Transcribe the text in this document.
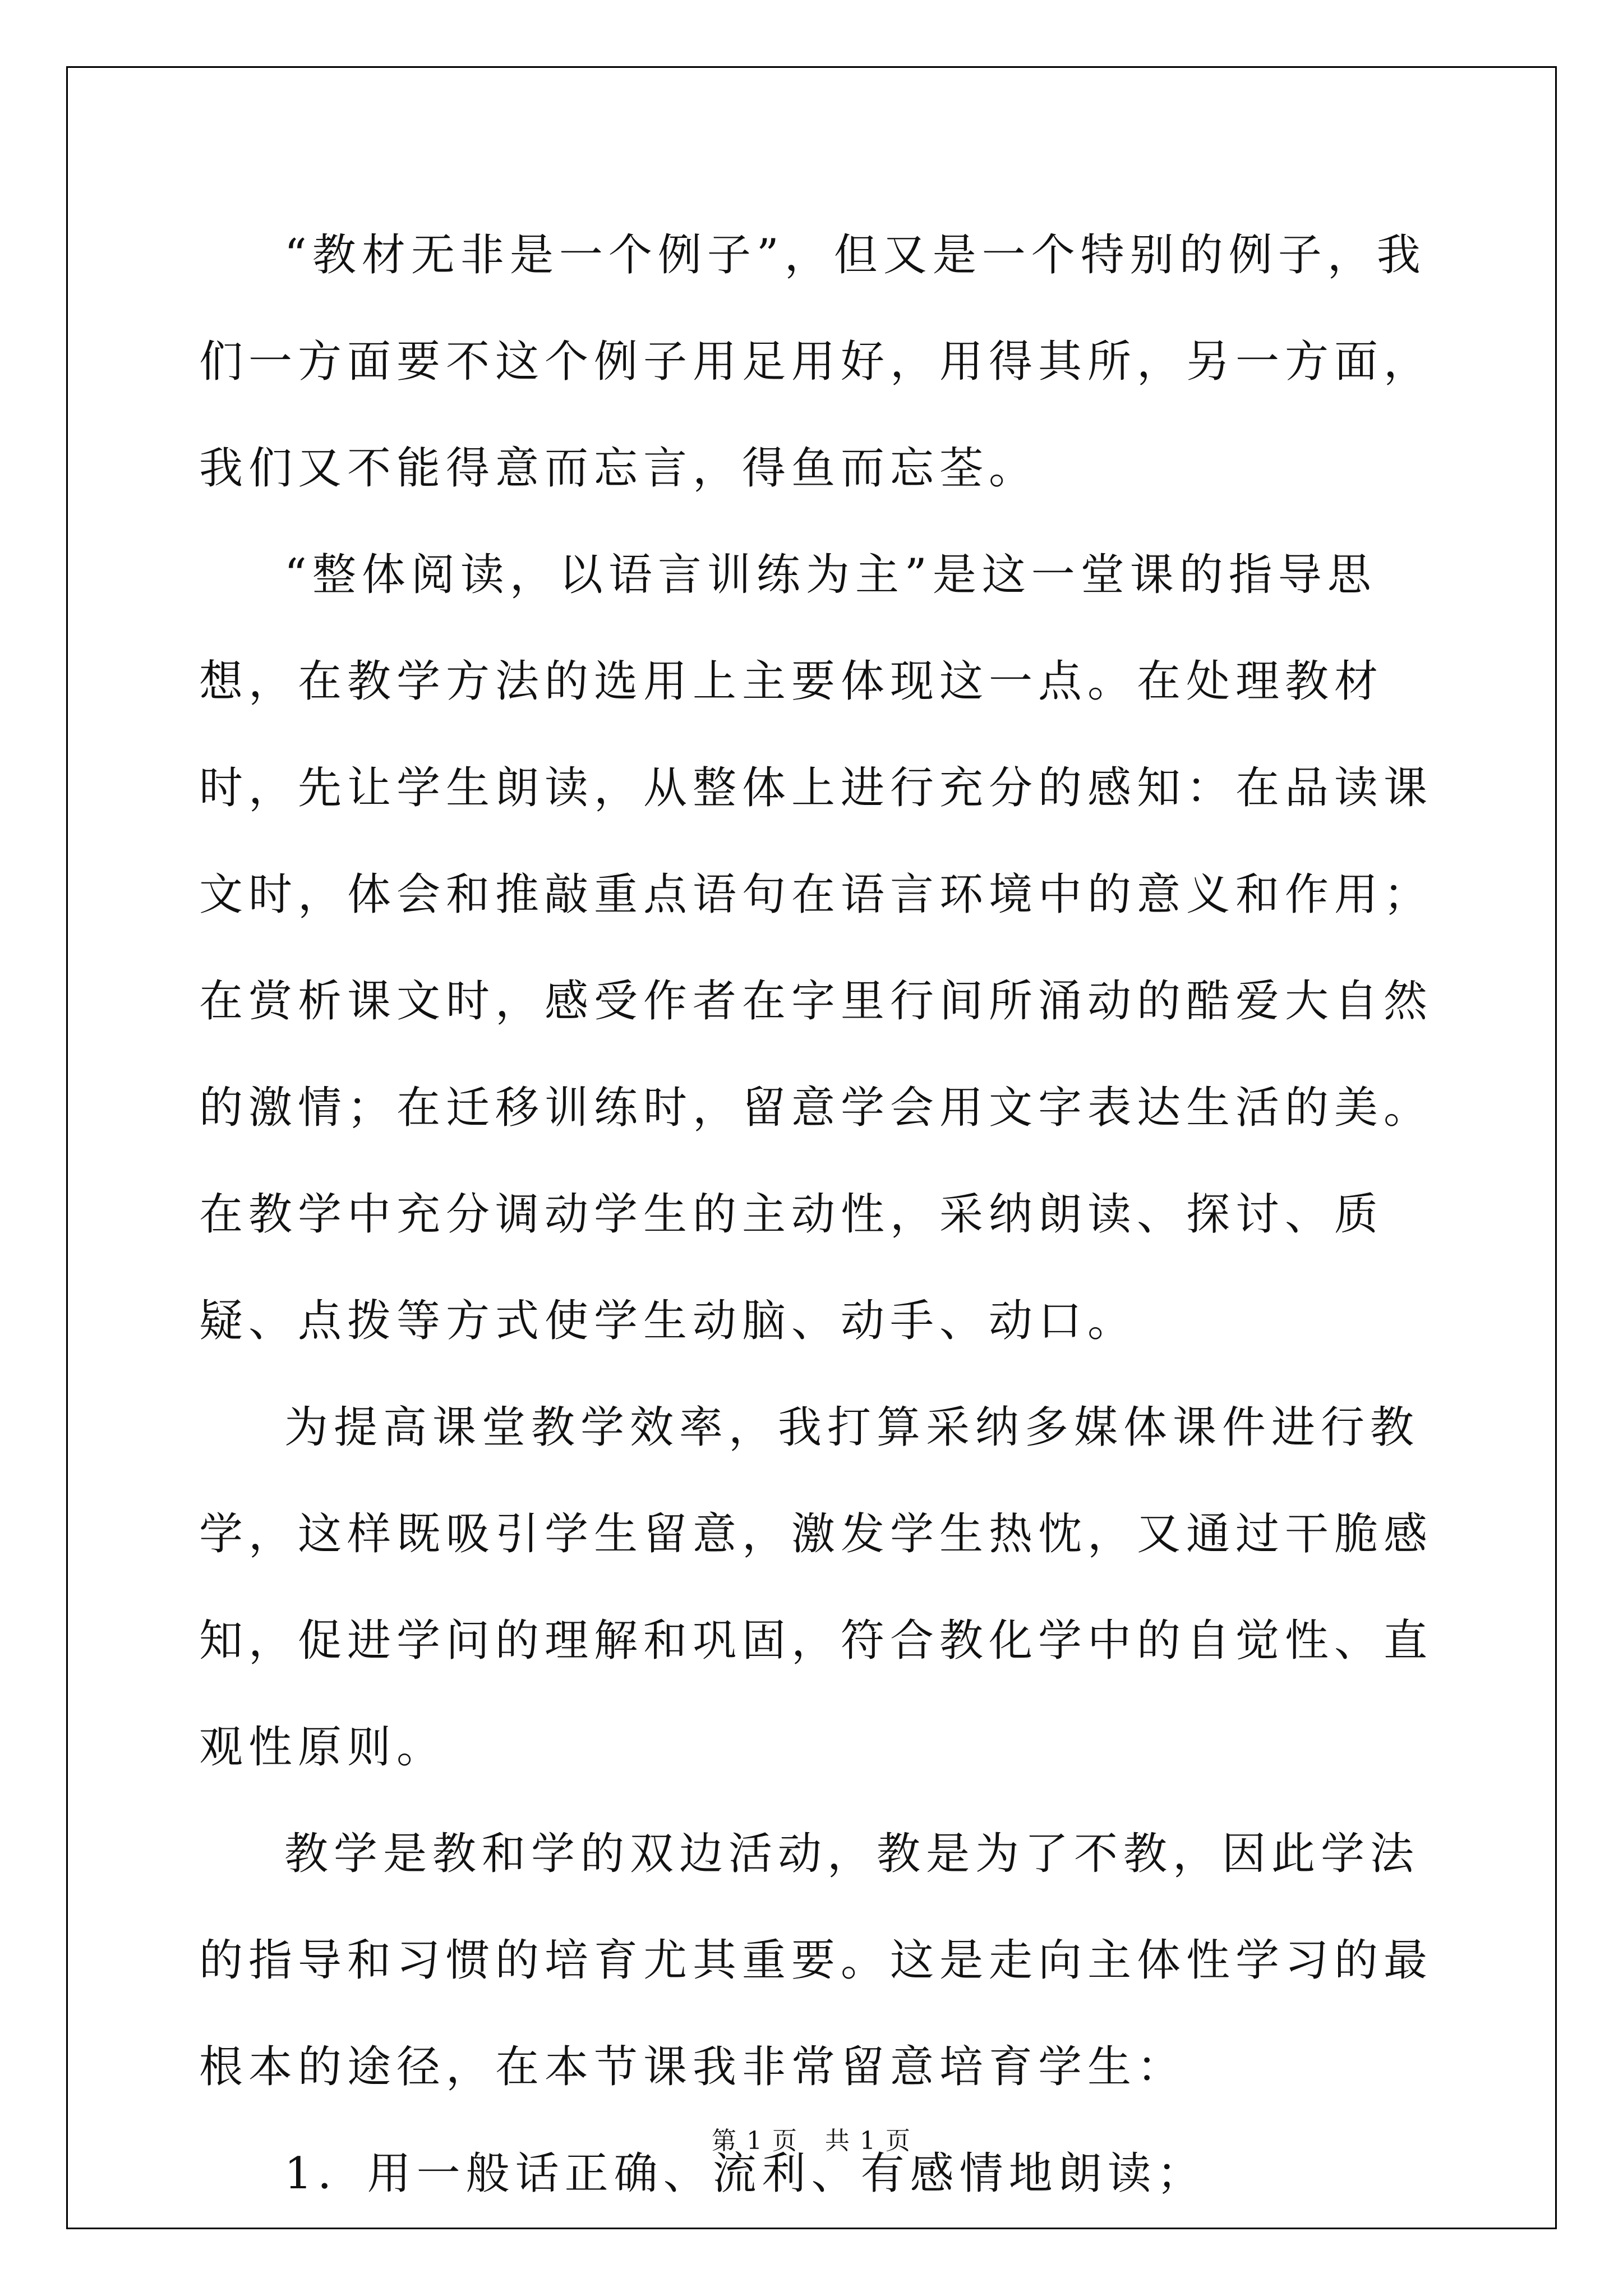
“教材无非是一个例子”，但又是一个特别的例子，我们一方面要不这个例子用足用好，用得其所，另一方面，我们又不能得意而忘言，得鱼而忘荃。

“整体阅读，以语言训练为主”是这一堂课的指导思想，在教学方法的选用上主要体现这一点。在处理教材时，先让学生朗读，从整体上进行充分的感知：在品读课文时，体会和推敲重点语句在语言环境中的意义和作用；在赏析课文时，感受作者在字里行间所涌动的酷爱大自然的激情；在迁移训练时，留意学会用文字表达生活的美。在教学中充分调动学生的主动性，采纳朗读、探讨、质疑、点拨等方式使学生动脑、动手、动口。

为提高课堂教学效率，我打算采纳多媒体课件进行教学，这样既吸引学生留意，激发学生热忱，又通过干脆感知，促进学问的理解和巩固，符合教化学中的自觉性、直观性原则。

教学是教和学的双边活动，教是为了不教，因此学法的指导和习惯的培育尤其重要。这是走向主体性学习的最根本的途径，在本节课我非常留意培育学生：

1．用一般话正确、流利、有感情地朗读；

第 1 页 共 1 页
